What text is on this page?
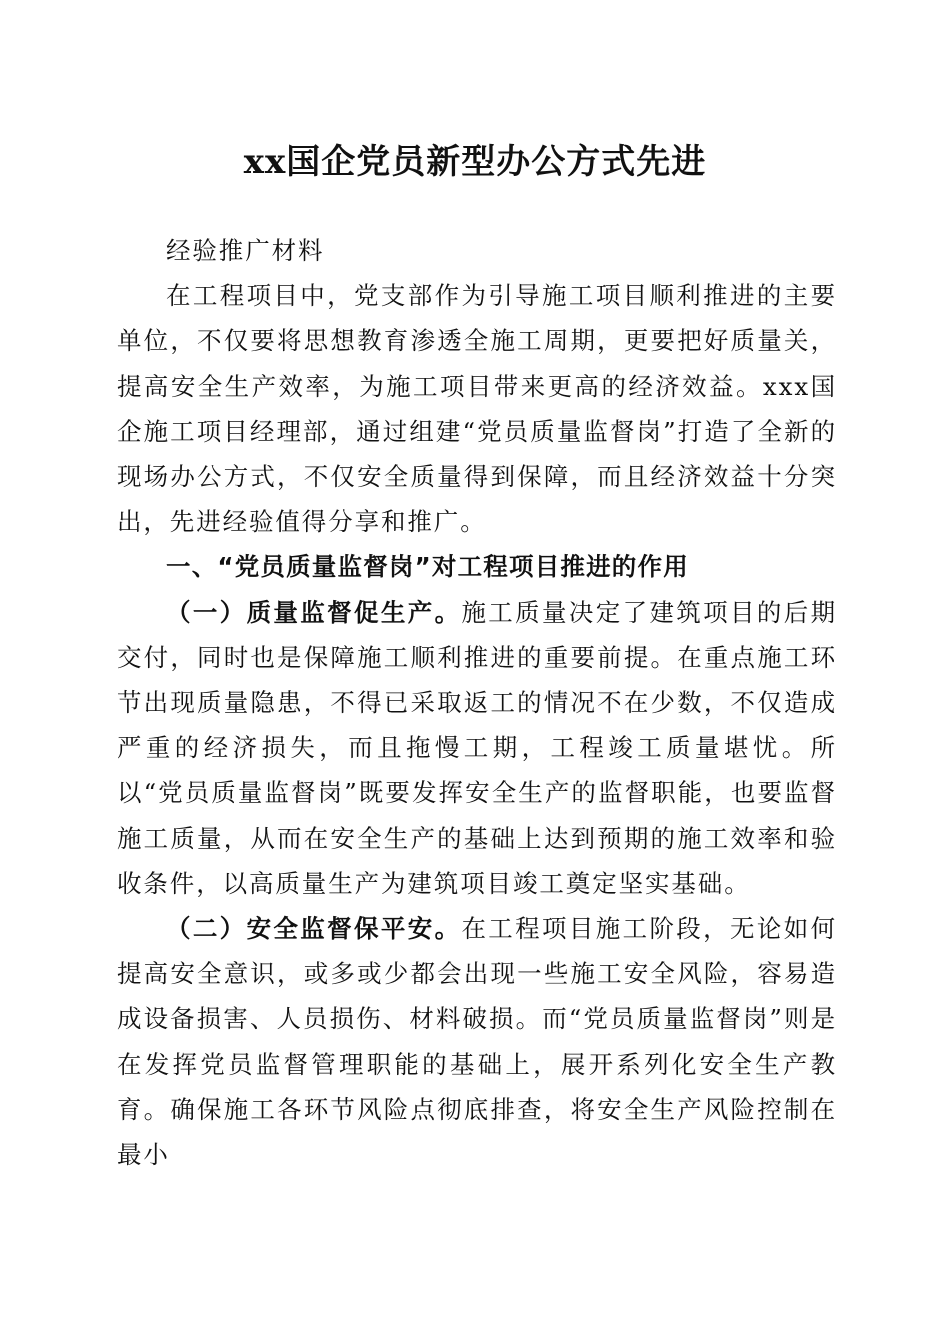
xx国企党员新型办公方式先进

经验推广材料

在工程项目中，党支部作为引导施工项目顺利推进的主要单位，不仅要将思想教育渗透全施工周期，更要把好质量关，提高安全生产效率，为施工项目带来更高的经济效益。xxx国企施工项目经理部，通过组建“党员质量监督岗”打造了全新的现场办公方式，不仅安全质量得到保障，而且经济效益十分突出，先进经验值得分享和推广。

一、“党员质量监督岗”对工程项目推进的作用

（一）质量监督促生产。施工质量决定了建筑项目的后期交付，同时也是保障施工顺利推进的重要前提。在重点施工环节出现质量隐患，不得已采取返工的情况不在少数，不仅造成严重的经济损失，而且拖慢工期，工程竣工质量堪忧。所以“党员质量监督岗”既要发挥安全生产的监督职能，也要监督施工质量，从而在安全生产的基础上达到预期的施工效率和验收条件，以高质量生产为建筑项目竣工奠定坚实基础。

（二）安全监督保平安。在工程项目施工阶段，无论如何提高安全意识，或多或少都会出现一些施工安全风险，容易造成设备损害、人员损伤、材料破损。而“党员质量监督岗”则是在发挥党员监督管理职能的基础上，展开系列化安全生产教育。确保施工各环节风险点彻底排查，将安全生产风险控制在最小
